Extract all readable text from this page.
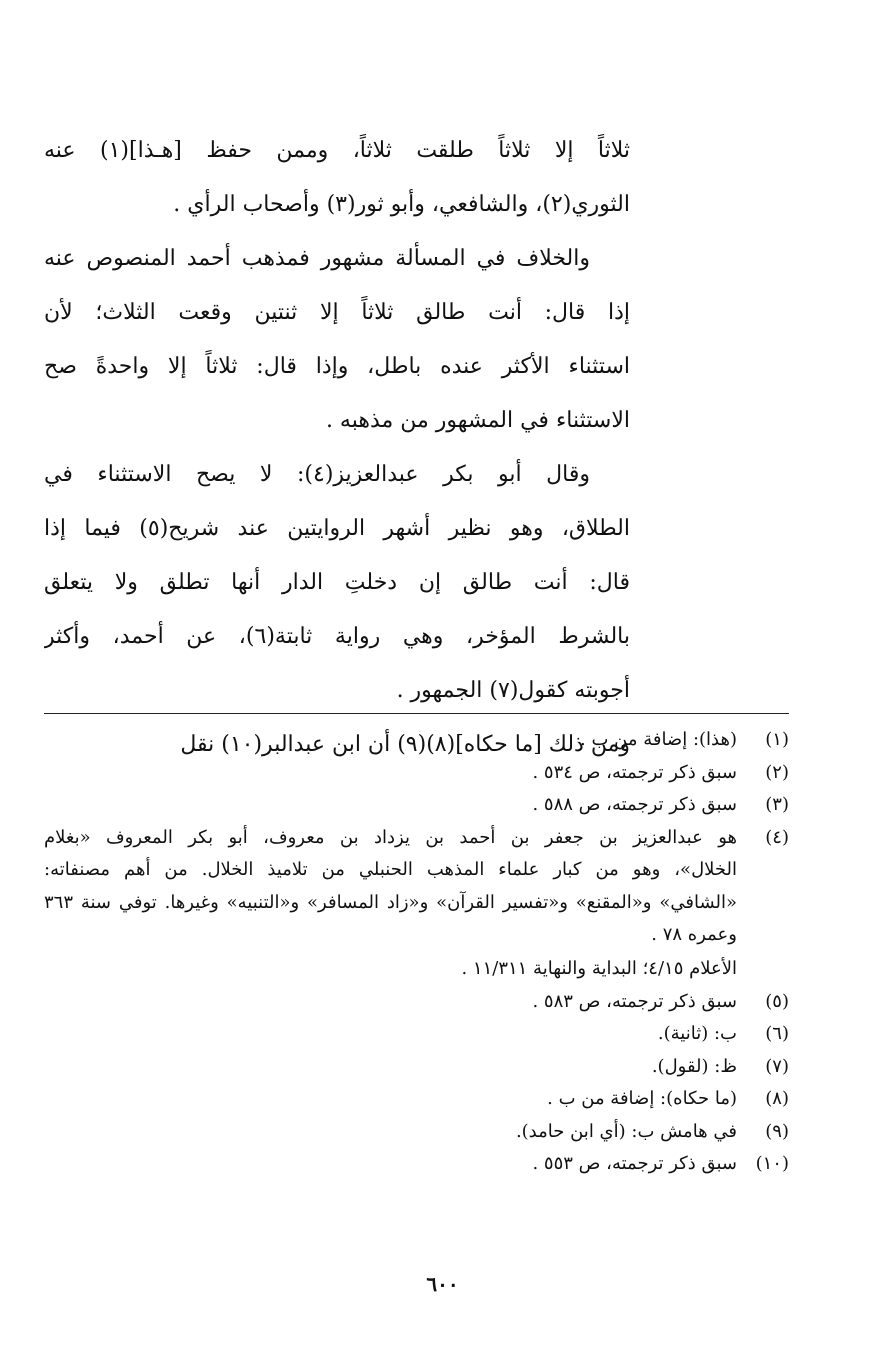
ثلاثاً إلا ثلاثاً طلقت ثلاثاً، وممن حفظ [هـذا](١) عنه
الثوري(٢)، والشافعي، وأبو ثور(٣) وأصحاب الرأي .
والخلاف في المسألة مشهور فمذهب أحمد المنصوص عنه
إذا قال: أنت طالق ثلاثاً إلا ثنتين وقعت الثلاث؛ لأن
استثناء الأكثر عنده باطل، وإذا قال: ثلاثاً إلا واحدةً صح
الاستثناء في المشهور من مذهبه .
وقال أبو بكر عبدالعزيز(٤): لا يصح الاستثناء في
الطلاق، وهو نظير أشهر الروايتين عند شريح(٥) فيما إذا
قال: أنت طالق إن دخلتِ الدار أنها تطلق ولا يتعلق
بالشرط المؤخر، وهي رواية ثابتة(٦)، عن أحمد، وأكثر
أجوبته كقول(٧) الجمهور .
ومن ذلك [ما حكاه](٨)(٩) أن ابن عبدالبر(١٠) نقل	(١)
(هذا): إضافة من ب .
(٢)
سبق ذكر ترجمته، ص ٥٣٤ .
(٣)
سبق ذكر ترجمته، ص ٥٨٨ .
(٤)
هو عبدالعزيز بن جعفر بن أحمد بن يزداد بن معروف، أبو بكر المعروف «بغلام
الخلال»، وهو من كبار علماء المذهب الحنبلي من تلاميذ الخلال. من أهم مصنفاته:
«الشافي» و«المقنع» و«تفسير القرآن» و«زاد المسافر» و«التنبيه» وغيرها. توفي سنة ٣٦٣
وعمره ٧٨ .
الأعلام ٤/١٥؛ البداية والنهاية ١١/٣١١ .
(٥)
سبق ذكر ترجمته، ص ٥٨٣ .
(٦)
ب: (ثانية).
(٧)
ظ: (لقول).
(٨)
(ما حكاه): إضافة من ب .
(٩)
في هامش ب: (أي ابن حامد).
(١٠)
سبق ذكر ترجمته، ص ٥٥٣ .
٦٠٠
